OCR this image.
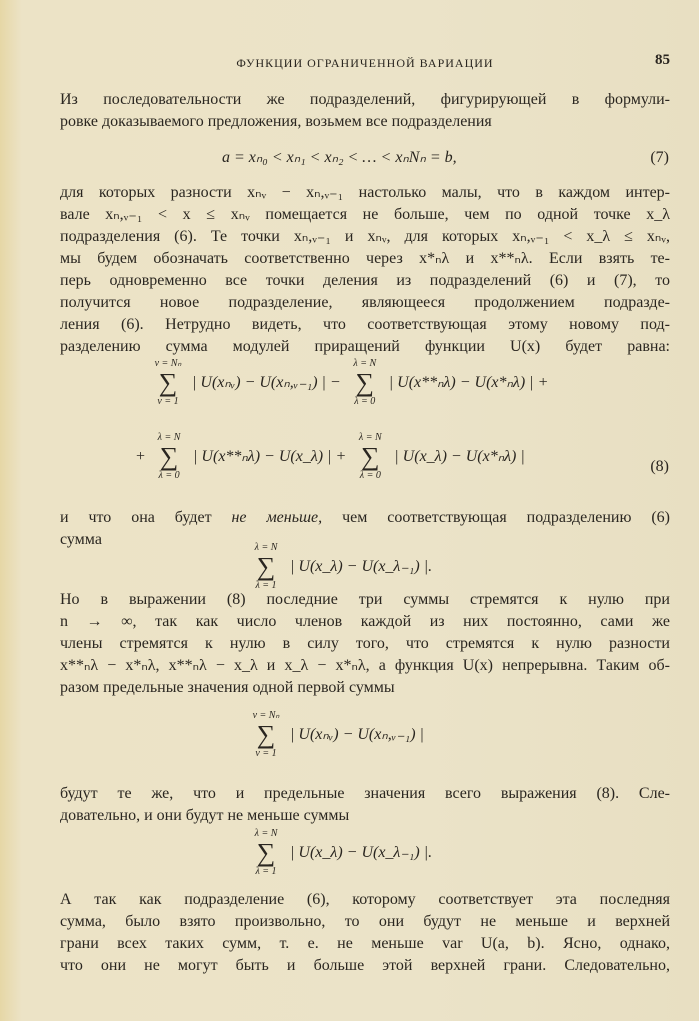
ФУНКЦИИ ОГРАНИЧЕННОЙ ВАРИАЦИИ	85
Из последовательности же подразделений, фигурирующей в формули-
ровке доказываемого предложения, возьмем все подразделения
a = xₙ₀ < xₙ₁ < xₙ₂ < … < xₙNₙ = b,	(7)
для которых разности xₙᵥ − xₙ,ᵥ₋₁ настолько малы, что в каждом интер-
вале xₙ,ᵥ₋₁ < x ≤ xₙᵥ помещается не больше, чем по одной точке x_λ
подразделения (6). Те точки xₙ,ᵥ₋₁ и xₙᵥ, для которых xₙ,ᵥ₋₁ < x_λ ≤ xₙᵥ,
мы будем обозначать соответственно через x*ₙλ и x**ₙλ. Если взять те-
перь одновременно все точки деления из подразделений (6) и (7), то
получится новое подразделение, являющееся продолжением подразде-
ления (6). Нетрудно видеть, что соответствующая этому новому под-
разделению сумма модулей приращений функции U(x) будет равна:
ν = Nₙ
∑
ν = 1
| U(xₙᵥ) − U(xₙ,ᵥ₋₁) | −
λ = N
∑
λ = 0
| U(x**ₙλ) − U(x*ₙλ) | +
+
λ = N
∑
λ = 0
| U(x**ₙλ) − U(x_λ) | +
λ = N
∑
λ = 0
| U(x_λ) − U(x*ₙλ) |
(8)
и что она будет не меньше, чем соответствующая подразделению (6)
сумма	λ = N
∑
λ = 1
| U(x_λ) − U(x_λ₋₁) |.
Но в выражении (8) последние три суммы стремятся к нулю при
n → ∞, так как число членов каждой из них постоянно, сами же
члены стремятся к нулю в силу того, что стремятся к нулю разности
x**ₙλ − x*ₙλ, x**ₙλ − x_λ и x_λ − x*ₙλ, а функция U(x) непрерывна. Таким об-
разом предельные значения одной первой суммы
ν = Nₙ
∑
ν = 1
| U(xₙᵥ) − U(xₙ,ᵥ₋₁) |
будут те же, что и предельные значения всего выражения (8). Сле-
довательно, и они будут не меньше суммы
λ = N
∑
λ = 1
| U(x_λ) − U(x_λ₋₁) |.
А так как подразделение (6), которому соответствует эта последняя
сумма, было взято произвольно, то они будут не меньше и верхней
грани всех таких сумм, т. е. не меньше var U(a, b). Ясно, однако,
что они не могут быть и больше этой верхней грани. Следовательно,
